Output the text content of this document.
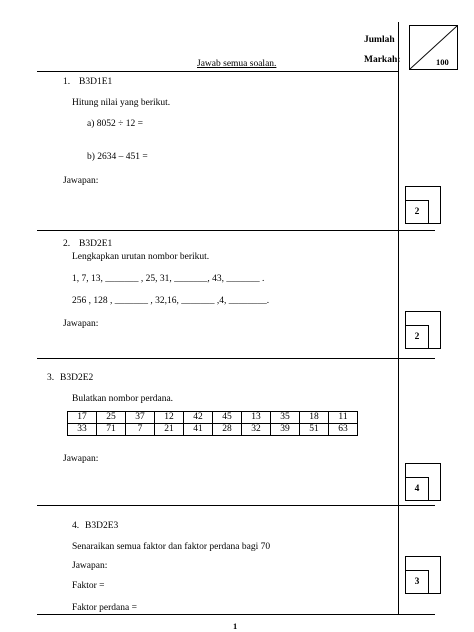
Jumlah
Markah:	100
Jawab semua soalan.
1. B3D1E1
Hitung nilai yang berikut.
a) 8052 ÷ 12 =
b) 2634 – 451 =
Jawapan:
2
2. B3D2E1
Lengkapkan urutan nombor berikut.
1, 7, 13, _______ , 25, 31, _______, 43, _______ .
256 , 128 , _______ , 32,16, _______ ,4, ________.
Jawapan:
2
3. B3D2E2
Bulatkan nombor perdana.
17	25	37	12	42	45	13	35	18	11
33	71	7	21	41	28	32	39	51	63
Jawapan:
4
4. B3D2E3
Senaraikan semua faktor dan faktor perdana bagi 70
Jawapan:
Faktor =
Faktor perdana =
3
1
